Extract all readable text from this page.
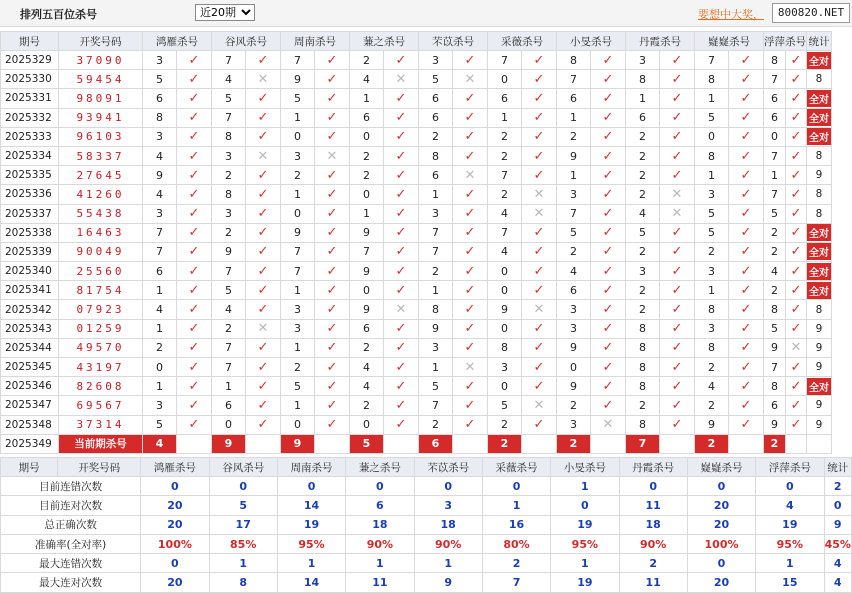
排列五百位杀号
近20期	要想中大奖，	800820.NET
期号	开奖号码	鸿雁杀号		谷风杀号		周南杀号		蒹之杀号		芣苡杀号		采薇杀号		小旻杀号		丹霞杀号		嶷嶷杀号		浮萍杀号		统计
2025329	37090	3	✓	7	✓	7	✓	2	✓	3	✓	7	✓	8	✓	3	✓	7	✓	8	✓	全对
2025330	59454	5	✓	4	✕	9	✓	4	✕	5	✕	0	✓	7	✓	8	✓	8	✓	7	✓	8
2025331	98091	6	✓	5	✓	5	✓	1	✓	6	✓	6	✓	6	✓	1	✓	1	✓	6	✓	全对
2025332	93941	8	✓	7	✓	1	✓	6	✓	6	✓	1	✓	1	✓	6	✓	5	✓	6	✓	全对
2025333	96103	3	✓	8	✓	0	✓	0	✓	2	✓	2	✓	2	✓	2	✓	0	✓	0	✓	全对
2025334	58337	4	✓	3	✕	3	✕	2	✓	8	✓	2	✓	9	✓	2	✓	8	✓	7	✓	8
2025335	27645	9	✓	2	✓	2	✓	2	✓	6	✕	7	✓	1	✓	2	✓	1	✓	1	✓	9
2025336	41260	4	✓	8	✓	1	✓	0	✓	1	✓	2	✕	3	✓	2	✕	3	✓	7	✓	8
2025337	55438	3	✓	3	✓	0	✓	1	✓	3	✓	4	✕	7	✓	4	✕	5	✓	5	✓	8
2025338	16463	7	✓	2	✓	9	✓	9	✓	7	✓	7	✓	5	✓	5	✓	5	✓	2	✓	全对
2025339	90049	7	✓	9	✓	7	✓	7	✓	7	✓	4	✓	2	✓	2	✓	2	✓	2	✓	全对
2025340	25560	6	✓	7	✓	7	✓	9	✓	2	✓	0	✓	4	✓	3	✓	3	✓	4	✓	全对
2025341	81754	1	✓	5	✓	1	✓	0	✓	1	✓	0	✓	6	✓	2	✓	1	✓	2	✓	全对
2025342	07923	4	✓	4	✓	3	✓	9	✕	8	✓	9	✕	3	✓	2	✓	8	✓	8	✓	8
2025343	01259	1	✓	2	✕	3	✓	6	✓	9	✓	0	✓	3	✓	8	✓	3	✓	5	✓	9
2025344	49570	2	✓	7	✓	1	✓	2	✓	3	✓	8	✓	9	✓	8	✓	8	✓	9	✕	9
2025345	43197	0	✓	7	✓	2	✓	4	✓	1	✕	3	✓	0	✓	8	✓	2	✓	7	✓	9
2025346	82608	1	✓	1	✓	5	✓	4	✓	5	✓	0	✓	9	✓	8	✓	4	✓	8	✓	全对
2025347	69567	3	✓	6	✓	1	✓	2	✓	7	✓	5	✕	2	✓	2	✓	2	✓	6	✓	9
2025348	37314	5	✓	0	✓	0	✓	0	✓	2	✓	2	✓	3	✕	8	✓	9	✓	9	✓	9
2025349	当前期杀号	4		9		9		5		6		2		2		7		2		2		
期号	开奖号码	鸿雁杀号	谷风杀号	周南杀号	蒹之杀号	芣苡杀号	采薇杀号	小旻杀号	丹霞杀号	嶷嶷杀号	浮萍杀号	统计
目前连错次数		0	0	0	0	0	0	1	0	0	0	2
目前连对次数		20	5	14	6	3	1	0	11	20	4	0
总正确次数		20	17	19	18	18	16	19	18	20	19	9
准确率(全对率)		100%	85%	95%	90%	90%	80%	95%	90%	100%	95%	45%
最大连错次数		0	1	1	1	1	2	1	2	0	1	4
最大连对次数		20	8	14	11	9	7	19	11	20	15	4
